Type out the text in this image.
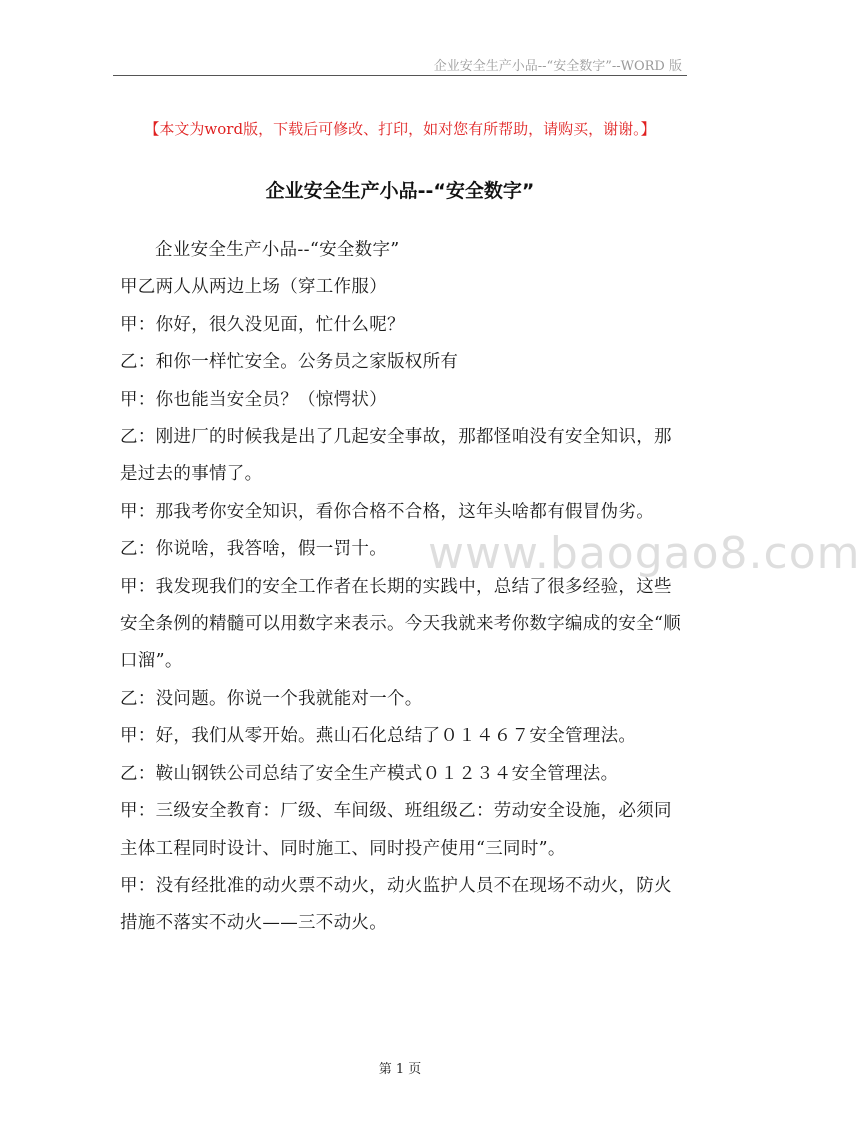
企业安全生产小品--“安全数字”--WORD 版
【本文为word版，下载后可修改、打印，如对您有所帮助，请购买，谢谢。】
企业安全生产小品--“安全数字”

企业安全生产小品--“安全数字”

甲乙两人从两边上场（穿工作服）

甲：你好，很久没见面，忙什么呢？

乙：和你一样忙安全。公务员之家版权所有

甲：你也能当安全员？（惊愕状）

乙：刚进厂的时候我是出了几起安全事故，那都怪咱没有安全知识，那是过去的事情了。

甲：那我考你安全知识，看你合格不合格，这年头啥都有假冒伪劣。

乙：你说啥，我答啥，假一罚十。

甲：我发现我们的安全工作者在长期的实践中，总结了很多经验，这些安全条例的精髓可以用数字来表示。今天我就来考你数字编成的安全“顺口溜”。

乙：没问题。你说一个我就能对一个。

甲：好，我们从零开始。燕山石化总结了０１４６７安全管理法。

乙：鞍山钢铁公司总结了安全生产模式０１２３４安全管理法。

甲：三级安全教育：厂级、车间级、班组级乙：劳动安全设施，必须同主体工程同时设计、同时施工、同时投产使用“三同时”。

甲：没有经批准的动火票不动火，动火监护人员不在现场不动火，防火措施不落实不动火——三不动火。

www.baogao8.com
第 1 页
